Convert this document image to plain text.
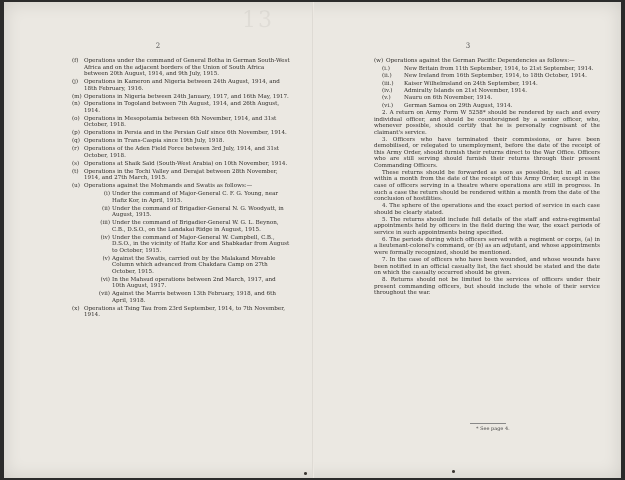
13
2
(f) Operations under the command of General Botha in German South-West Africa and on the adjacent borders of the Union of South Africa between 20th August, 1914, and 9th July, 1915.
(j) Operations in Kameron and Nigeria between 24th August, 1914, and 18th February, 1916.
(m) Operations in Nigeria between 24th January, 1917, and 16th May, 1917.
(n) Operations in Togoland between 7th August, 1914, and 26th August, 1914.
(o) Operations in Mesopotamia between 6th November, 1914, and 31st October, 1918.
(p) Operations in Persia and in the Persian Gulf since 6th November, 1914.
(q) Operations in Trans-Caspia since 19th July, 1918.
(r) Operations of the Aden Field Force between 3rd July, 1914, and 31st October, 1918.
(s) Operations at Shaik Saïd (South-West Arabia) on 10th November, 1914.
(t) Operations in the Tochi Valley and Derajat between 28th November, 1914, and 27th March, 1915.
(u) Operations against the Mohmands and Swatis as follows:—
(i) Under the command of Major-General C. F. G. Young, near Hafiz Kor, in April, 1915.
(ii) Under the command of Brigadier-General N. G. Woodyatt, in August, 1915.
(iii) Under the command of Brigadier-General W. G. L. Beynon, C.B., D.S.O., on the Landakai Ridge in August, 1915.
(iv) Under the command of Major-General W. Campbell, C.B., D.S.O., in the vicinity of Hafiz Kor and Shabkadar from August to October, 1915.
(v) Against the Swatis, carried out by the Malakand Movable Column which advanced from Chakdara Camp on 27th October, 1915.
(vi) In the Mahsud operations between 2nd March, 1917, and 10th August, 1917.
(vii) Against the Marris between 13th February, 1918, and 6th April, 1918.
(x) Operations at Tsing Tau from 23rd September, 1914, to 7th November, 1914.
3
(w) Operations against the German Pacific Dependencies as follows:—
(i.)	New Britain from 11th September, 1914, to 21st September, 1914.
(ii.) New Ireland from 16th September, 1914, to 18th October, 1914.
(iii.) Kaiser Wilhelmsland on 24th September, 1914.
(iv.) Admiralty Islands on 21st November, 1914.
(v.) Nauru on 6th November, 1914.
(vi.) German Samoa on 29th August, 1914.
2. A return on Army Form W 5258* should be rendered by each and every individual officer, and should be countersigned by a senior officer, who, whenever possible, should certify that he is personally cognisant of the claimant's service.
3. Officers who have terminated their commissions, or have been demobilised, or relegated to unemployment, before the date of the receipt of this Army Order, should furnish their returns direct to the War Office. Officers who are still serving should furnish their returns through their present Commanding Officers.
These returns should be forwarded as soon as possible, but in all cases within a month from the date of the receipt of this Army Order, except in the case of officers serving in a theatre where operations are still in progress. In such a case the return should be rendered within a month from the date of the conclusion of hostilities.
4. The sphere of the operations and the exact period of service in each case should be clearly stated.
5. The returns should include full details of the staff and extra-regimental appointments held by officers in the field during the war, the exact periods of service in such appointments being specified.
6. The periods during which officers served with a regiment or corps, (a) in a lieutenant-colonel's command, or (b) as an adjutant, and whose appointments were formally recognized, should be mentioned.
7. In the case of officers who have been wounded, and whose wounds have been notified in an official casualty list, the fact should be stated and the date on which the casualty occurred should be given.
8. Returns should not be limited to the services of officers under their present commanding officers, but should include the whole of their service throughout the war.
* See page 4.
